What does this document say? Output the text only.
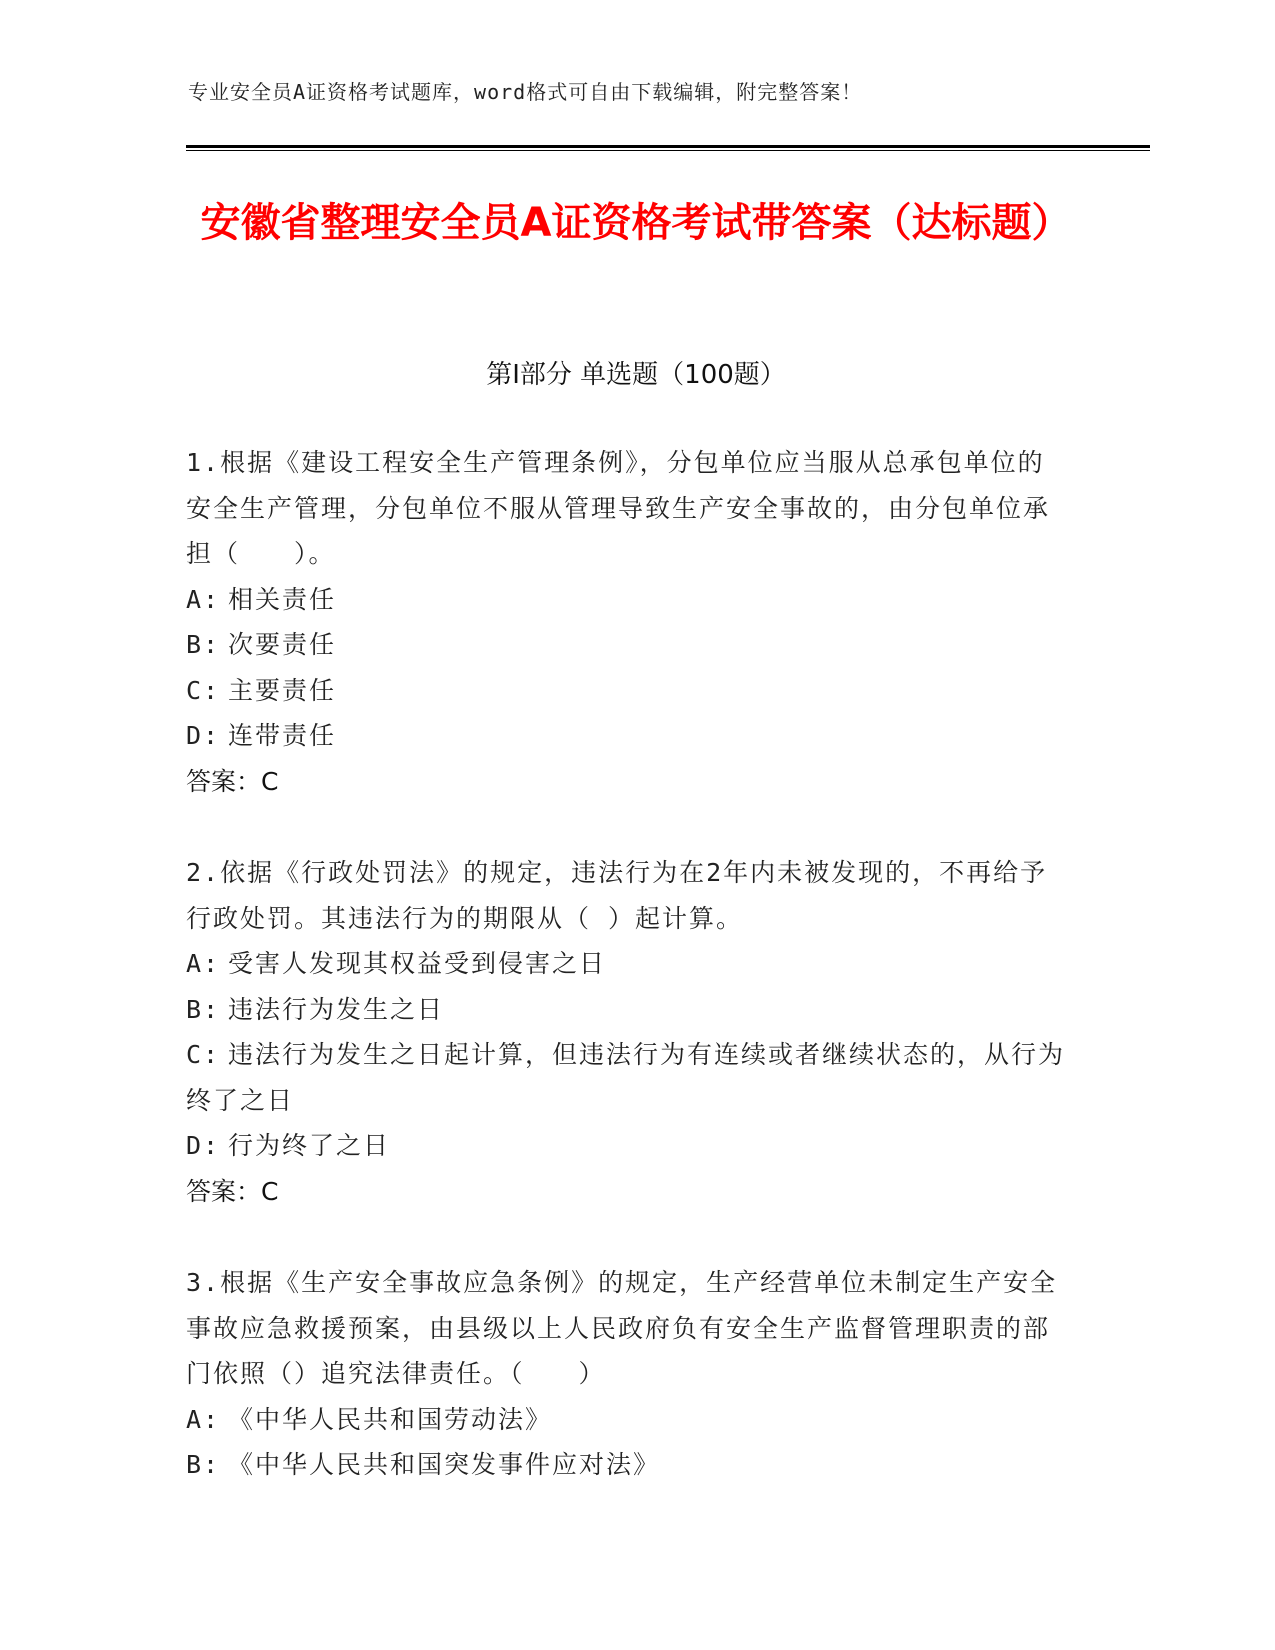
专业安全员A证资格考试题库，word格式可自由下载编辑，附完整答案！
安徽省整理安全员A证资格考试带答案（达标题）
第Ⅰ部分 单选题（100题）

1.根据《建设工程安全生产管理条例》，分包单位应当服从总承包单位的安全生产管理，分包单位不服从管理导致生产安全事故的，由分包单位承担（　　）。

A: 相关责任

B: 次要责任

C: 主要责任

D: 连带责任

答案：C

2.依据《行政处罚法》的规定，违法行为在2年内未被发现的，不再给予行政处罚。其违法行为的期限从（ ）起计算。

A: 受害人发现其权益受到侵害之日

B: 违法行为发生之日

C: 违法行为发生之日起计算，但违法行为有连续或者继续状态的，从行为终了之日

D: 行为终了之日

答案：C

3.根据《生产安全事故应急条例》的规定，生产经营单位未制定生产安全事故应急救援预案，由县级以上人民政府负有安全生产监督管理职责的部门依照（）追究法律责任。（　　）

A: 《中华人民共和国劳动法》

B: 《中华人民共和国突发事件应对法》
